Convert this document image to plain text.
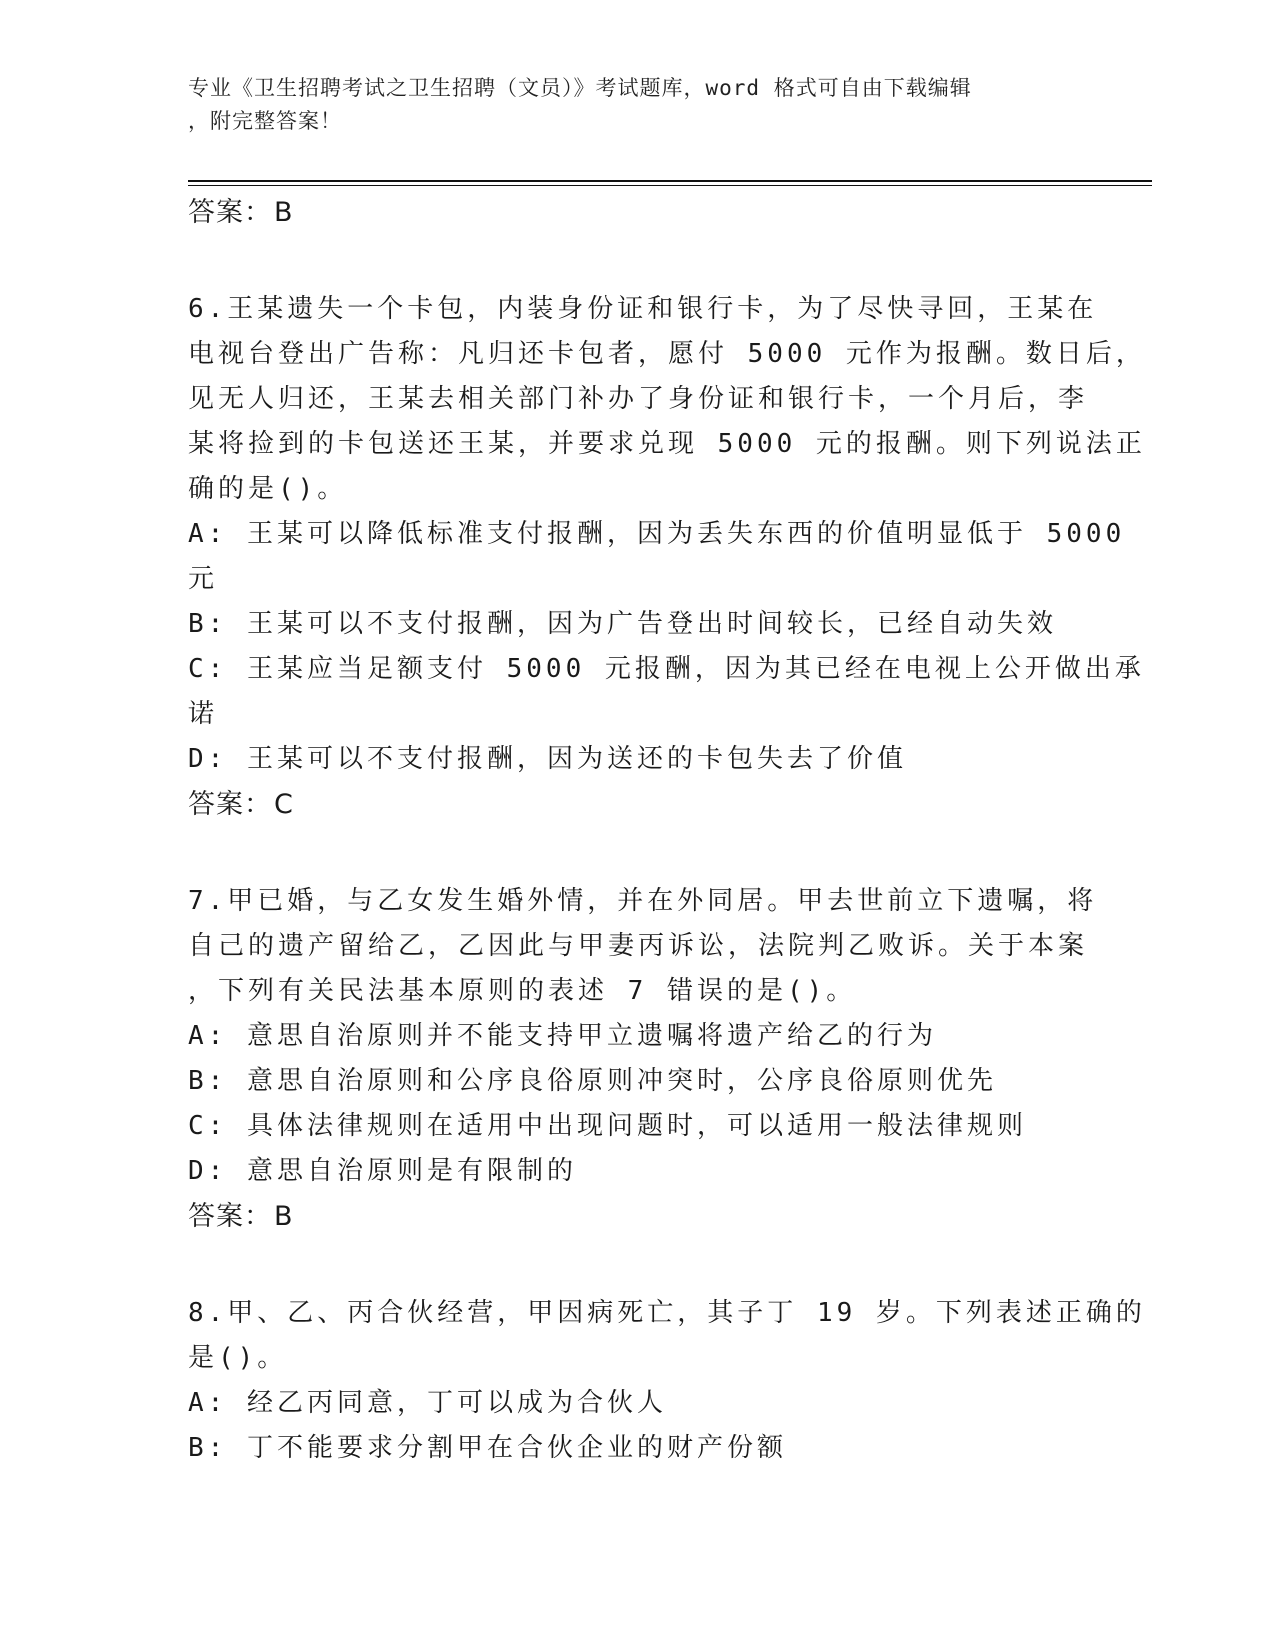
专业《卫生招聘考试之卫生招聘（文员）》考试题库，word 格式可自由下载编辑
，附完整答案！
答案：B
6.王某遗失一个卡包，内装身份证和银行卡，为了尽快寻回，王某在
电视台登出广告称：凡归还卡包者，愿付 5000 元作为报酬。数日后，
见无人归还，王某去相关部门补办了身份证和银行卡，一个月后，李
某将捡到的卡包送还王某，并要求兑现 5000 元的报酬。则下列说法正
确的是()。
A: 王某可以降低标准支付报酬，因为丢失东西的价值明显低于 5000
元
B: 王某可以不支付报酬，因为广告登出时间较长，已经自动失效
C: 王某应当足额支付 5000 元报酬，因为其已经在电视上公开做出承
诺
D: 王某可以不支付报酬，因为送还的卡包失去了价值
答案：C
7.甲已婚，与乙女发生婚外情，并在外同居。甲去世前立下遗嘱，将
自己的遗产留给乙，乙因此与甲妻丙诉讼，法院判乙败诉。关于本案
，下列有关民法基本原则的表述 7 错误的是()。
A: 意思自治原则并不能支持甲立遗嘱将遗产给乙的行为
B: 意思自治原则和公序良俗原则冲突时，公序良俗原则优先
C: 具体法律规则在适用中出现问题时，可以适用一般法律规则
D: 意思自治原则是有限制的
答案：B
8.甲、乙、丙合伙经营，甲因病死亡，其子丁 19 岁。下列表述正确的
是()。
A: 经乙丙同意，丁可以成为合伙人
B: 丁不能要求分割甲在合伙企业的财产份额
